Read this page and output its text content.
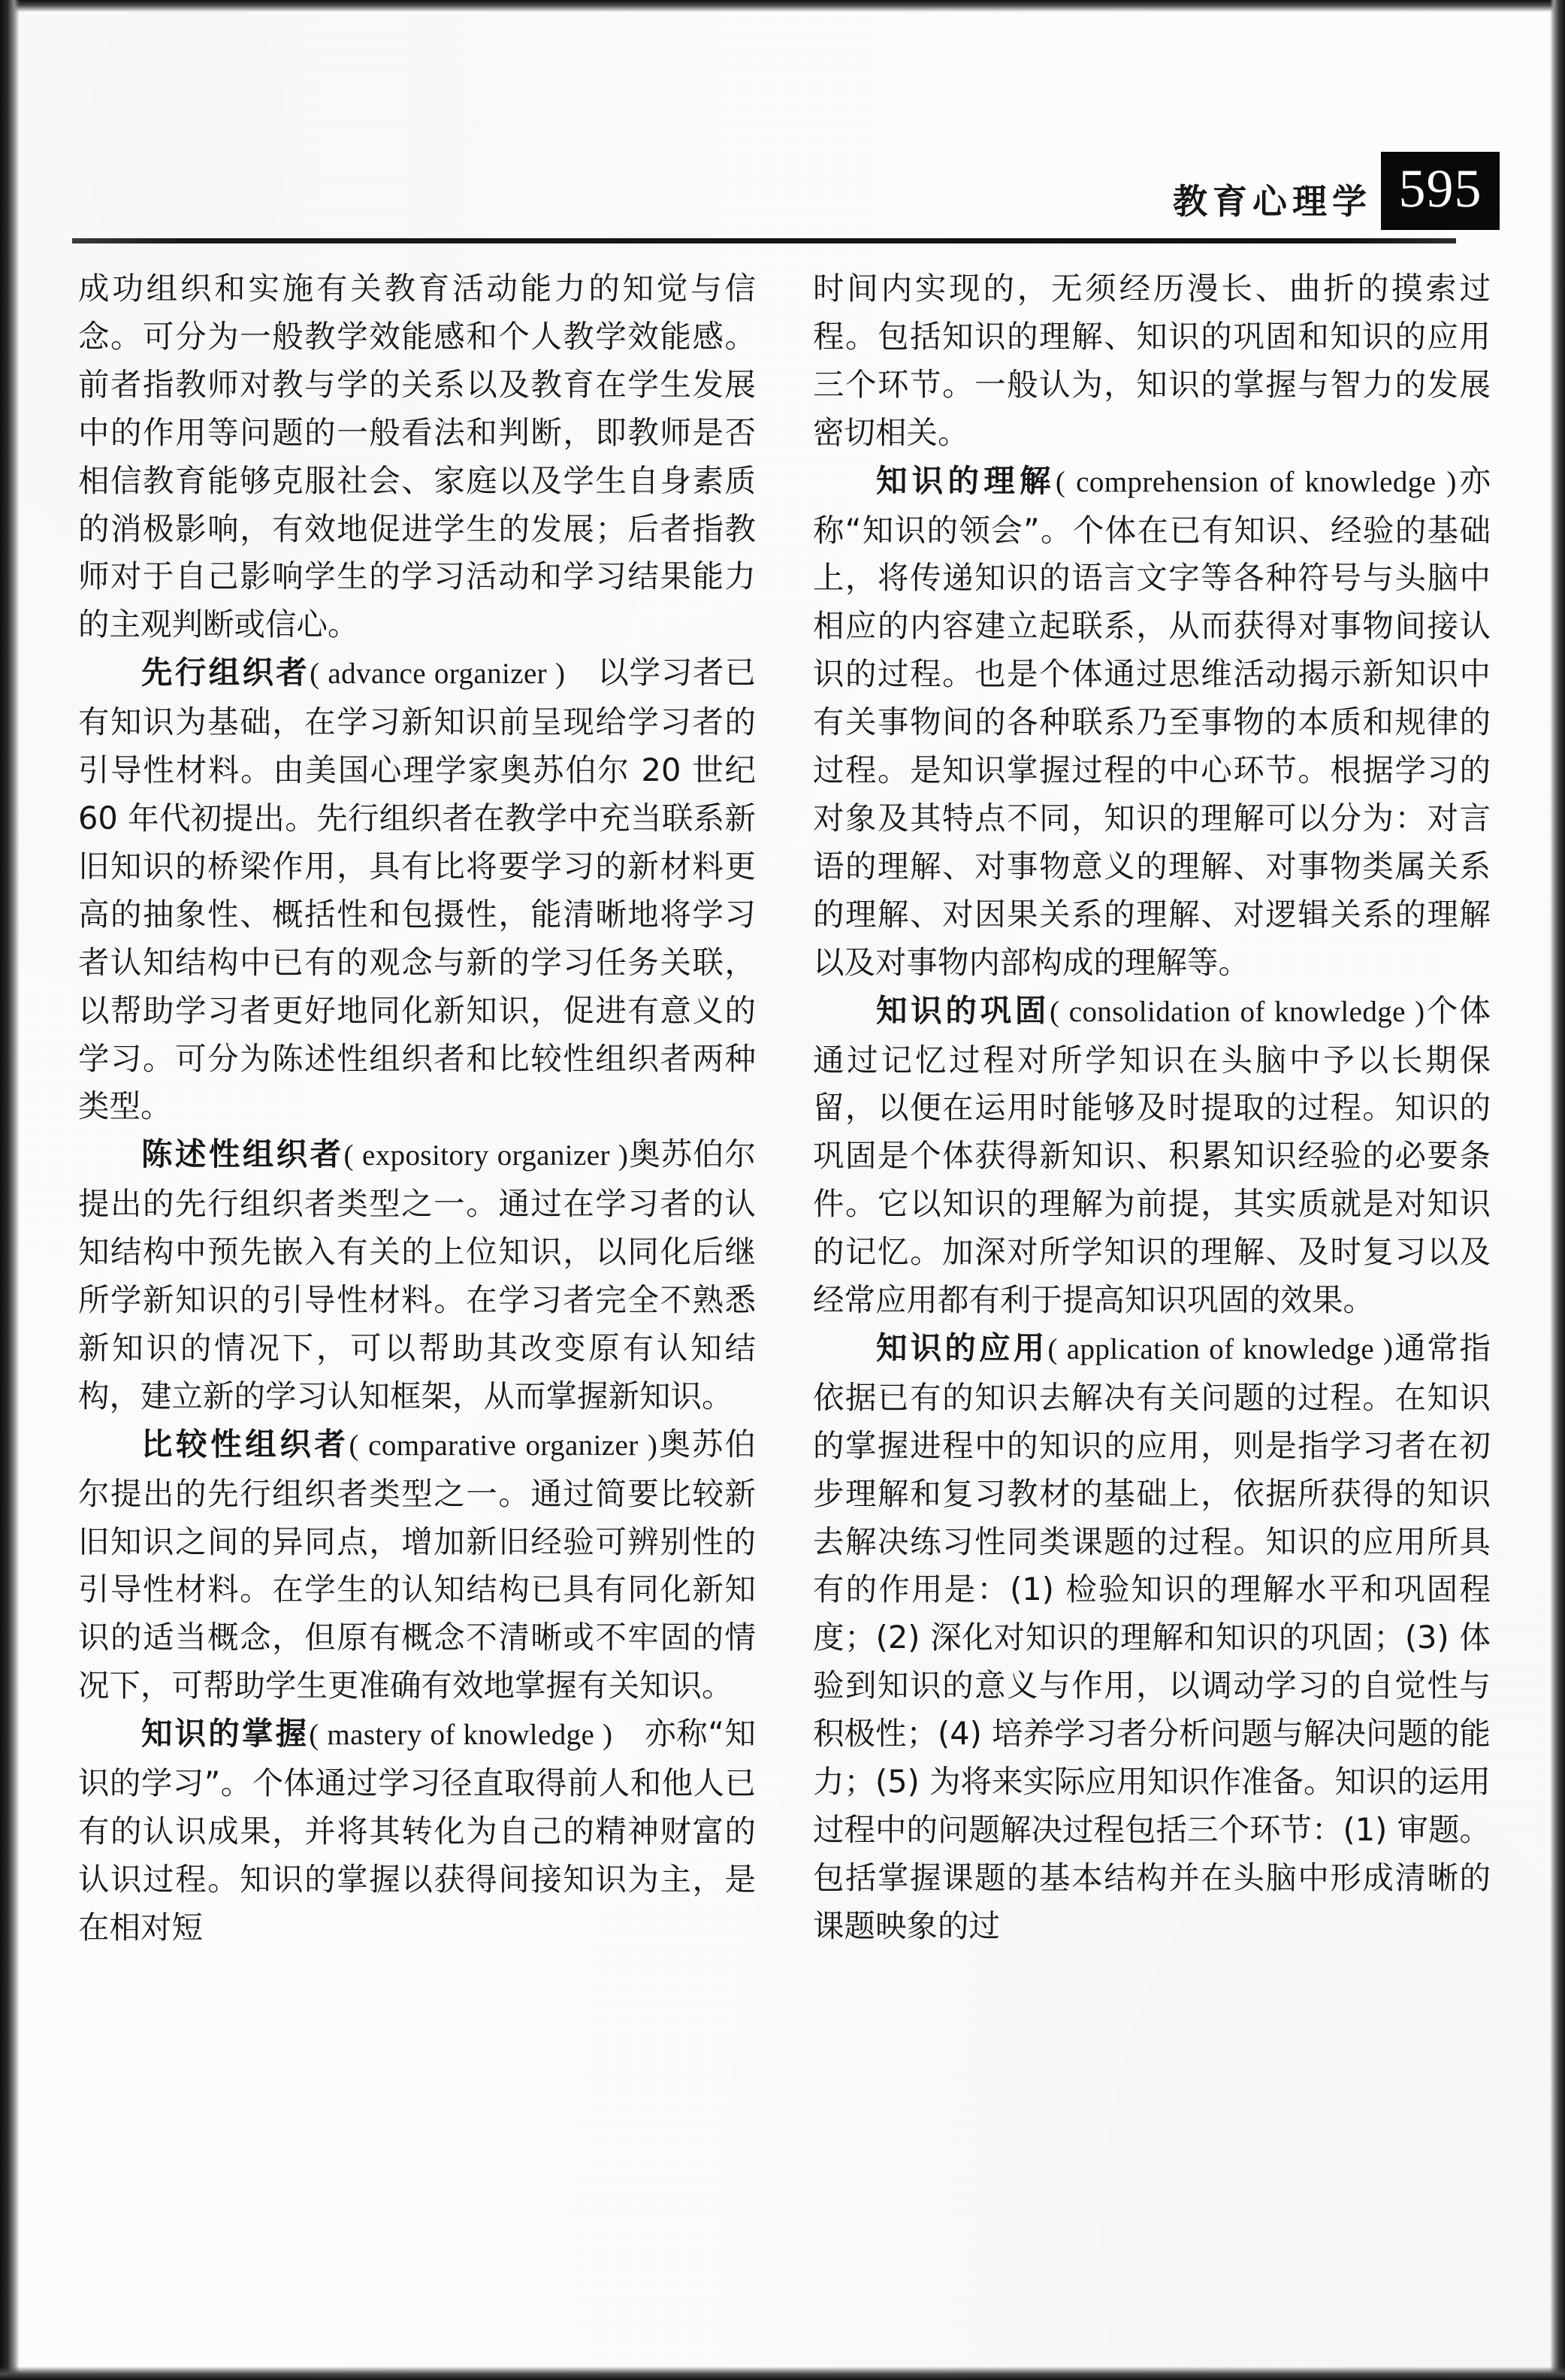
教育心理学 595

成功组织和实施有关教育活动能力的知觉与信念。可分为一般教学效能感和个人教学效能感。前者指教师对教与学的关系以及教育在学生发展中的作用等问题的一般看法和判断，即教师是否相信教育能够克服社会、家庭以及学生自身素质的消极影响，有效地促进学生的发展；后者指教师对于自己影响学生的学习活动和学习结果能力的主观判断或信心。

先行组织者( advance organizer ) 以学习者已有知识为基础，在学习新知识前呈现给学习者的引导性材料。由美国心理学家奥苏伯尔 20 世纪 60 年代初提出。先行组织者在教学中充当联系新旧知识的桥梁作用，具有比将要学习的新材料更高的抽象性、概括性和包摄性，能清晰地将学习者认知结构中已有的观念与新的学习任务关联，以帮助学习者更好地同化新知识，促进有意义的学习。可分为陈述性组织者和比较性组织者两种类型。

陈述性组织者( expository organizer )奥苏伯尔提出的先行组织者类型之一。通过在学习者的认知结构中预先嵌入有关的上位知识，以同化后继所学新知识的引导性材料。在学习者完全不熟悉新知识的情况下，可以帮助其改变原有认知结构，建立新的学习认知框架，从而掌握新知识。

比较性组织者( comparative organizer )奥苏伯尔提出的先行组织者类型之一。通过简要比较新旧知识之间的异同点，增加新旧经验可辨别性的引导性材料。在学生的认知结构已具有同化新知识的适当概念，但原有概念不清晰或不牢固的情况下，可帮助学生更准确有效地掌握有关知识。

知识的掌握( mastery of knowledge ) 亦称“知识的学习”。个体通过学习径直取得前人和他人已有的认识成果，并将其转化为自己的精神财富的认识过程。知识的掌握以获得间接知识为主，是在相对短

时间内实现的，无须经历漫长、曲折的摸索过程。包括知识的理解、知识的巩固和知识的应用三个环节。一般认为，知识的掌握与智力的发展密切相关。

知识的理解( comprehension of knowledge )亦称“知识的领会”。个体在已有知识、经验的基础上，将传递知识的语言文字等各种符号与头脑中相应的内容建立起联系，从而获得对事物间接认识的过程。也是个体通过思维活动揭示新知识中有关事物间的各种联系乃至事物的本质和规律的过程。是知识掌握过程的中心环节。根据学习的对象及其特点不同，知识的理解可以分为：对言语的理解、对事物意义的理解、对事物类属关系的理解、对因果关系的理解、对逻辑关系的理解以及对事物内部构成的理解等。

知识的巩固( consolidation of knowledge )个体通过记忆过程对所学知识在头脑中予以长期保留，以便在运用时能够及时提取的过程。知识的巩固是个体获得新知识、积累知识经验的必要条件。它以知识的理解为前提，其实质就是对知识的记忆。加深对所学知识的理解、及时复习以及经常应用都有利于提高知识巩固的效果。

知识的应用( application of knowledge )通常指依据已有的知识去解决有关问题的过程。在知识的掌握进程中的知识的应用，则是指学习者在初步理解和复习教材的基础上，依据所获得的知识去解决练习性同类课题的过程。知识的应用所具有的作用是：(1) 检验知识的理解水平和巩固程度；(2) 深化对知识的理解和知识的巩固；(3) 体验到知识的意义与作用，以调动学习的自觉性与积极性；(4) 培养学习者分析问题与解决问题的能力；(5) 为将来实际应用知识作准备。知识的运用过程中的问题解决过程包括三个环节：(1) 审题。包括掌握课题的基本结构并在头脑中形成清晰的课题映象的过
